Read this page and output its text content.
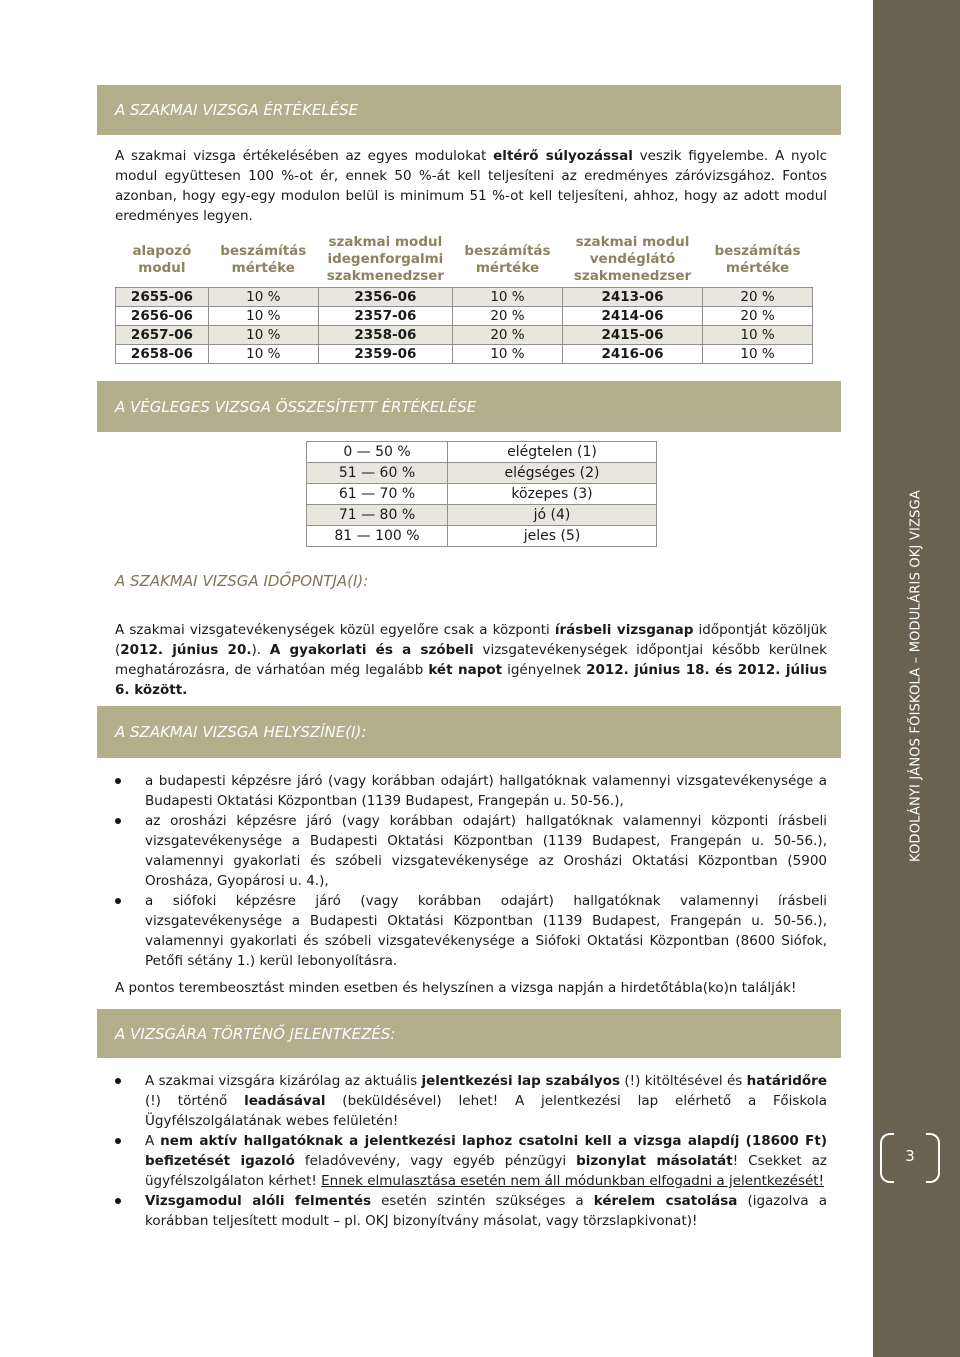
KODOLÁNYI JÁNOS FŐISKOLA – MODULÁRIS OKJ VIZSGA
3
A SZAKMAI VIZSGA ÉRTÉKELÉSE
A szakmai vizsga értékelésében az egyes modulokat eltérő súlyozással veszik figyelembe. A nyolc modul együttesen 100 %-ot ér, ennek 50 %-át kell teljesíteni az eredményes záróvizsgához. Fontos azonban, hogy egy-egy modulon belül is minimum 51 %-ot kell teljesíteni, ahhoz, hogy az adott modul eredményes legyen.
alapozó modul	beszámítás mértéke	szakmai modul idegenforgalmi szakmenedzser	beszámítás mértéke	szakmai modul vendéglátó szakmenedzser	beszámítás mértéke
2655-06	10 %	2356-06	10 %	2413-06	20 %
2656-06	10 %	2357-06	20 %	2414-06	20 %
2657-06	10 %	2358-06	20 %	2415-06	10 %
2658-06	10 %	2359-06	10 %	2416-06	10 %
A VÉGLEGES VIZSGA ÖSSZESÍTETT ÉRTÉKELÉSE
0 — 50 %	elégtelen (1)
51 — 60 %	elégséges (2)
61 — 70 %	közepes (3)
71 — 80 %	jó (4)
81 — 100 %	jeles (5)
A SZAKMAI VIZSGA IDŐPONTJA(I):
A szakmai vizsgatevékenységek közül egyelőre csak a központi írásbeli vizsganap időpontját közöljük (2012. június 20.). A gyakorlati és a szóbeli vizsgatevékenységek időpontjai később kerülnek meghatározásra, de várhatóan még legalább két napot igényelnek 2012. június 18. és 2012. július 6. között.
A SZAKMAI VIZSGA HELYSZÍNE(I):
a budapesti képzésre járó (vagy korábban odajárt) hallgatóknak valamennyi vizsgatevékenysége a Budapesti Oktatási Központban (1139 Budapest, Frangepán u. 50-56.),
az orosházi képzésre járó (vagy korábban odajárt) hallgatóknak valamennyi központi írásbeli vizsgatevékenysége a Budapesti Oktatási Központban (1139 Budapest, Frangepán u. 50-56.), valamennyi gyakorlati és szóbeli vizsgatevékenysége az Orosházi Oktatási Központban (5900 Orosháza, Gyopárosi u. 4.),
a siófoki képzésre járó (vagy korábban odajárt) hallgatóknak valamennyi írásbeli vizsgatevékenysége a Budapesti Oktatási Központban (1139 Budapest, Frangepán u. 50-56.), valamennyi gyakorlati és szóbeli vizsgatevékenysége a Siófoki Oktatási Központban (8600 Siófok, Petőfi sétány 1.) kerül lebonyolításra.
A pontos terembeosztást minden esetben és helyszínen a vizsga napján a hirdetőtábla(ko)n találják!
A VIZSGÁRA TÖRTÉNŐ JELENTKEZÉS:
A szakmai vizsgára kizárólag az aktuális jelentkezési lap szabályos (!) kitöltésével és határidőre (!) történő leadásával (beküldésével) lehet! A jelentkezési lap elérhető a Főiskola Ügyfélszolgálatának webes felületén!
A nem aktív hallgatóknak a jelentkezési laphoz csatolni kell a vizsga alapdíj (18600 Ft) befizetését igazoló feladóvevény, vagy egyéb pénzügyi bizonylat másolatát! Csekket az ügyfélszolgálaton kérhet! Ennek elmulasztása esetén nem áll módunkban elfogadni a jelentkezését!
Vizsgamodul alóli felmentés esetén szintén szükséges a kérelem csatolása (igazolva a korábban teljesített modult – pl. OKJ bizonyítvány másolat, vagy törzslapkivonat)!
